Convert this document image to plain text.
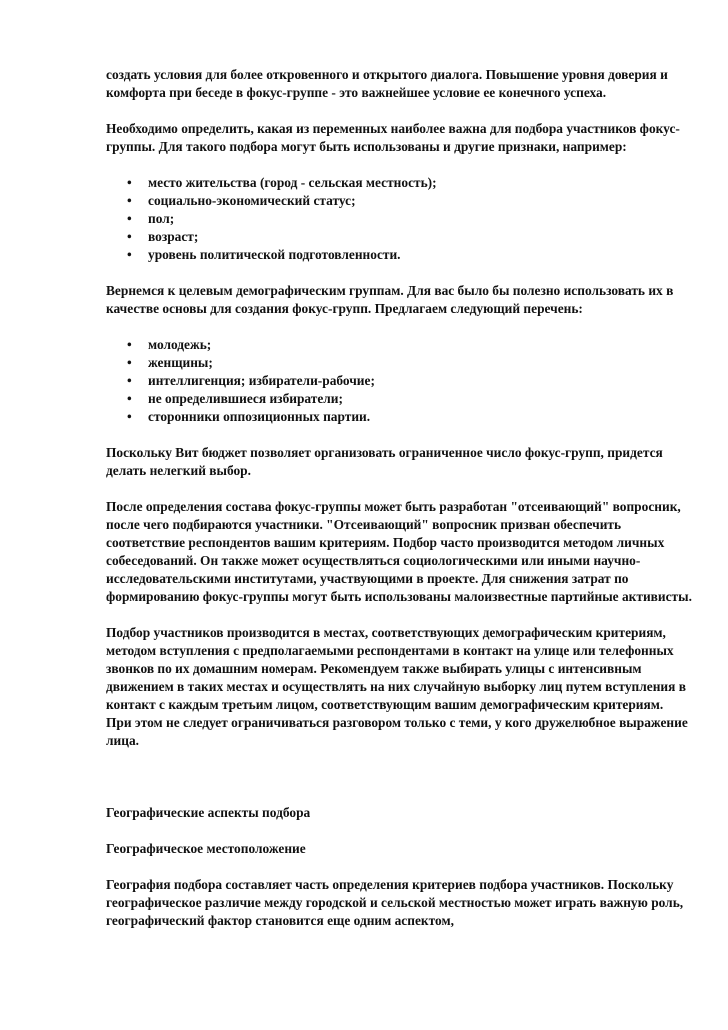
создать условия для более откровенного и открытого диалога. Повышение уровня доверия и комфорта при беседе в фокус-группе - это важнейшее условие ее конечного успеха.

Необходимо определить, какая из переменных наиболее важна для подбора участников фокус-группы. Для такого подбора могут быть использованы и другие признаки, например:

• место жительства (город - сельская местность);
• социально-экономический статус;
• пол;
• возраст;
• уровень политической подготовленности.

Вернемся к целевым демографическим группам. Для вас было бы полезно использовать их в качестве основы для создания фокус-групп. Предлагаем следующий перечень:

• молодежь;
• женщины;
• интеллигенция; избиратели-рабочие;
• не определившиеся избиратели;
• сторонники оппозиционных партии.

Поскольку Вит бюджет позволяет организовать ограниченное число фокус-групп, придется делать нелегкий выбор.

После определения состава фокус-группы может быть разработан "отсеивающий" вопросник, после чего подбираются участники. "Отсеивающий" вопросник призван обеспечить соответствие респондентов вашим критериям. Подбор часто производится методом личных собеседований. Он также может осуществляться социологическими или иными научно-исследовательскими институтами, участвующими в проекте. Для снижения затрат по формированию фокус-группы могут быть использованы малоизвестные партийные активисты.

Подбор участников производится в местах, соответствующих демографическим критериям, методом вступления с предполагаемыми респондентами в контакт на улице или телефонных звонков по их домашним номерам. Рекомендуем также выбирать улицы с интенсивным движением в таких местах и осуществлять на них случайную выборку лиц путем вступления в контакт с каждым третьим лицом, соответствующим вашим демографическим критериям. При этом не следует ограничиваться разговором только с теми, у кого дружелюбное выражение лица.

Географические аспекты подбора

Географическое местоположение

География подбора составляет часть определения критериев подбора участников. Поскольку географическое различие между городской и сельской местностью может играть важную роль, географический фактор становится еще одним аспектом,
